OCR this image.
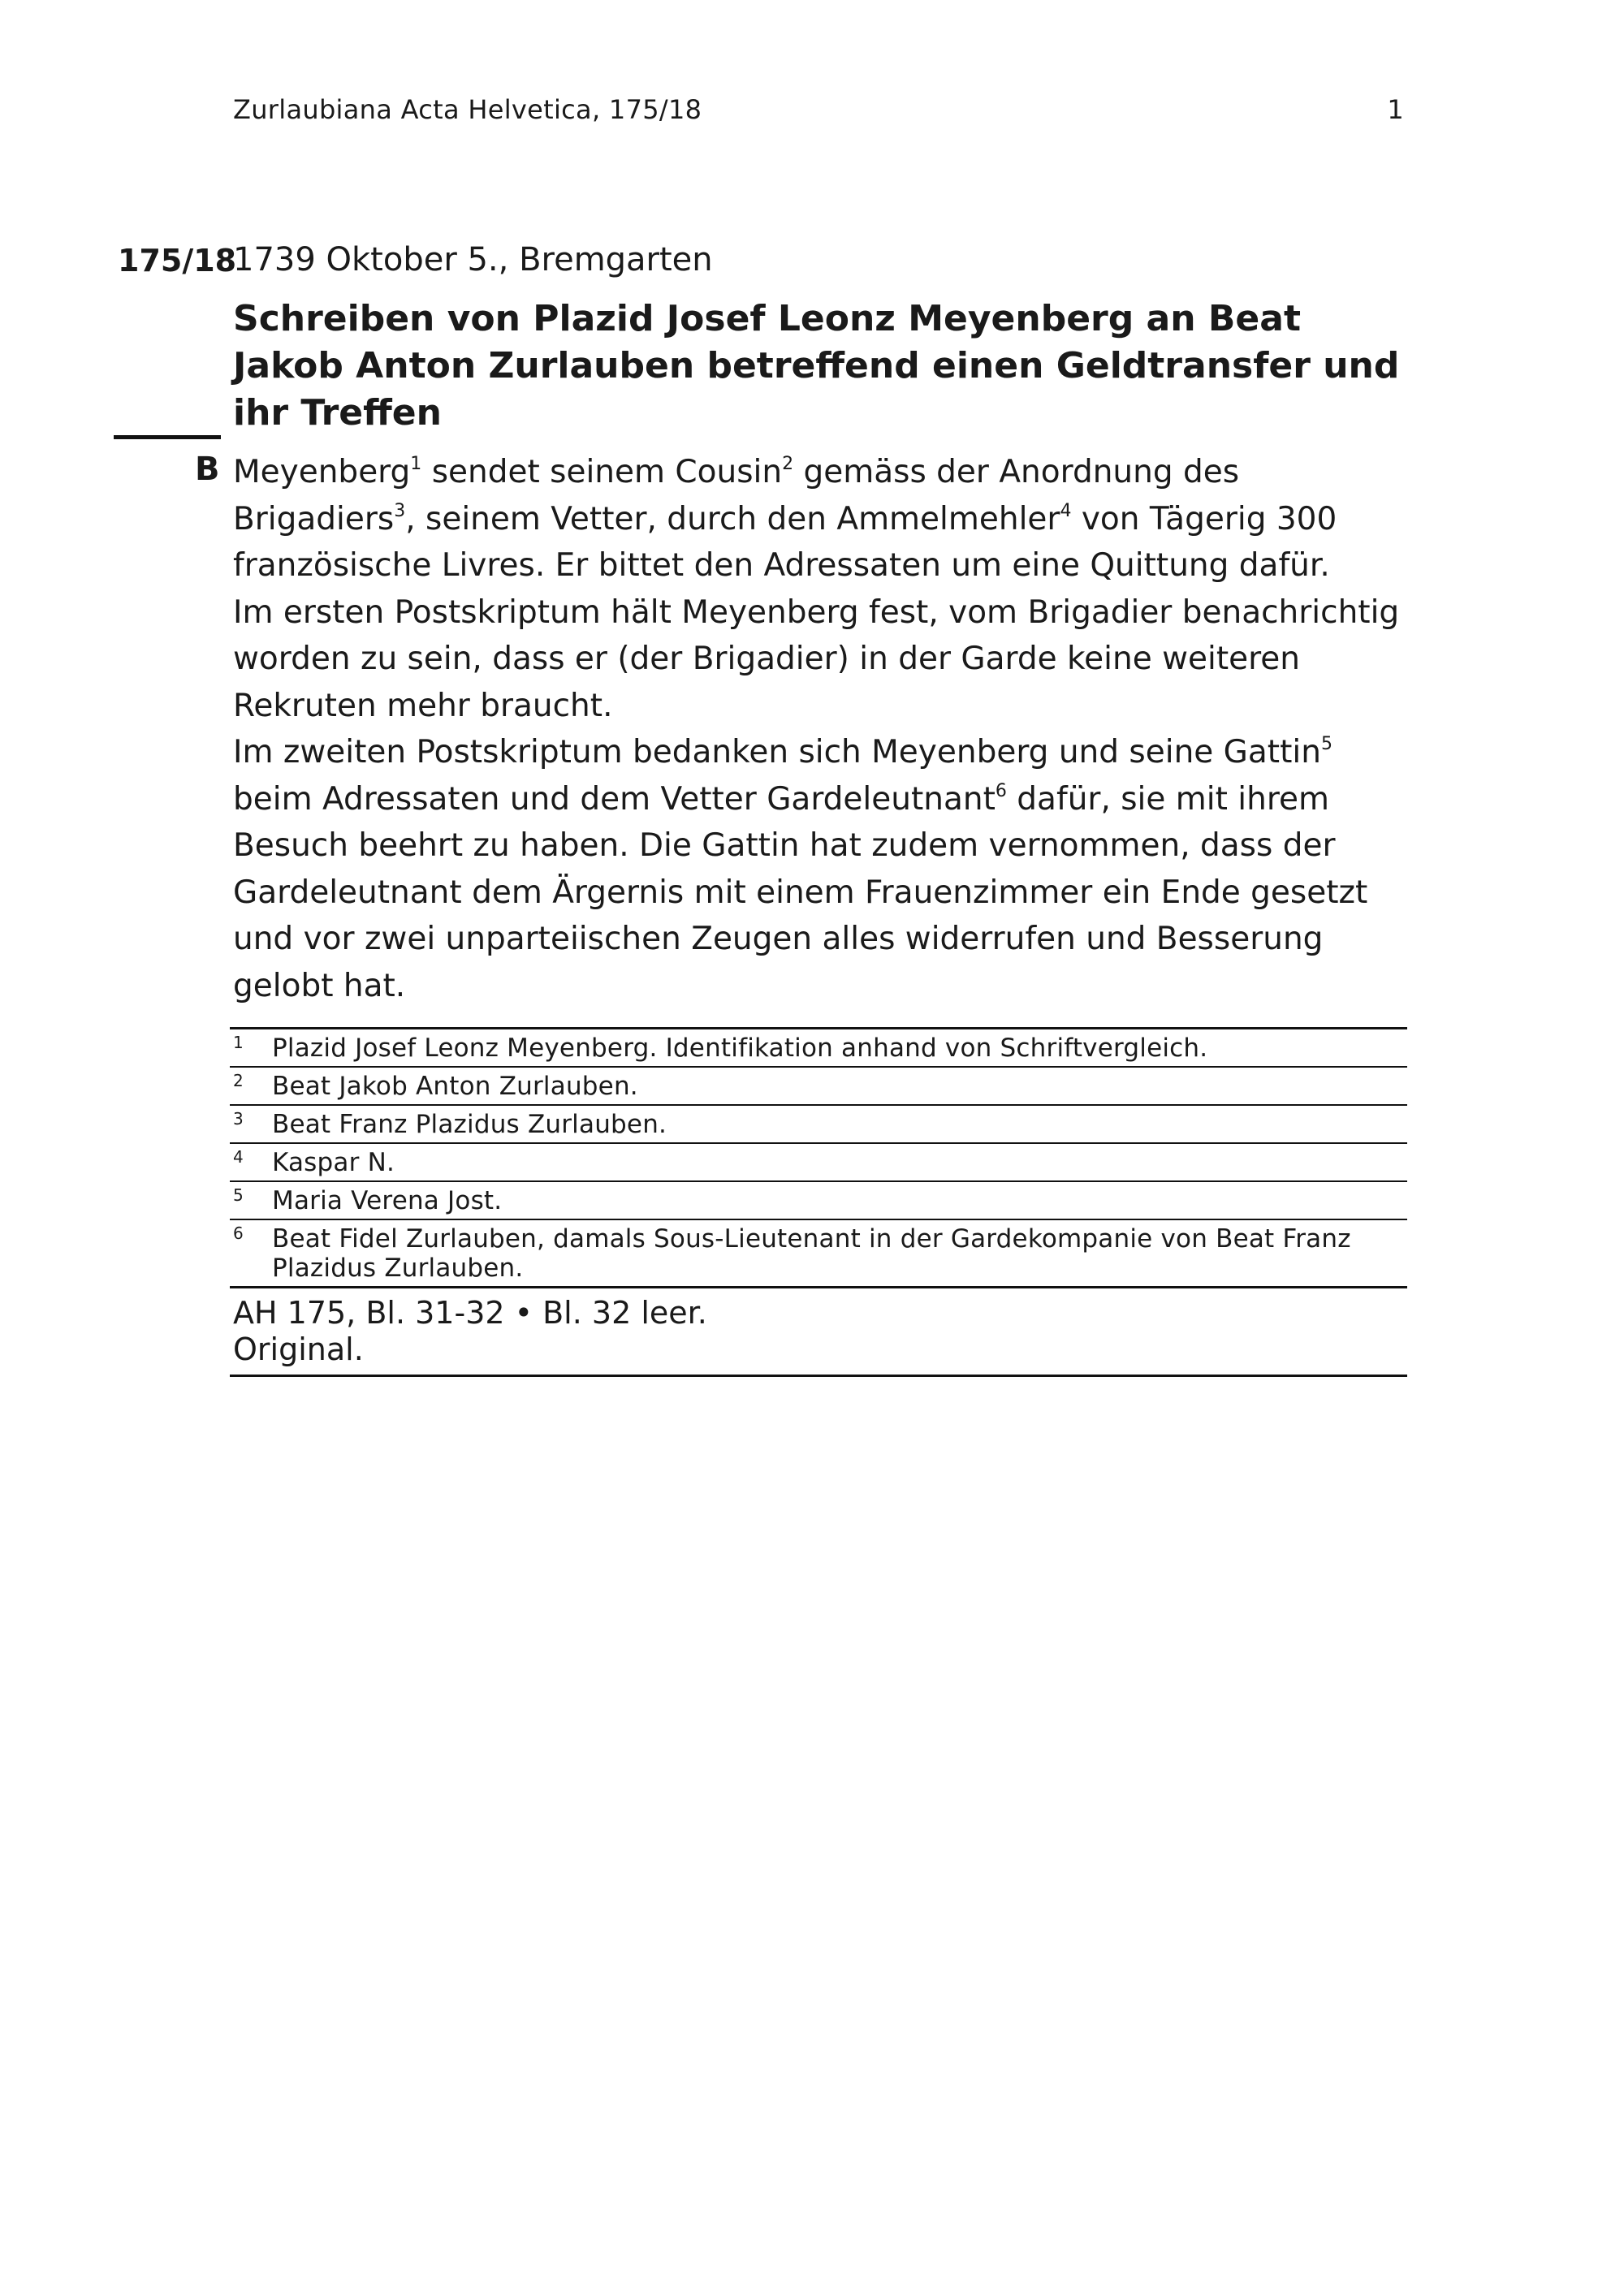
Zurlaubiana Acta Helvetica, 175/18	1
175/18
1739 Oktober 5., Bremgarten
Schreiben von Plazid Josef Leonz Meyenberg an Beat Jakob Anton Zurlauben betreffend einen Geldtransfer und ihr Treffen
B Meyenberg$^1$ sendet seinem Cousin$^2$ gemäss der Anordnung des Brigadiers$^3$, seinem Vetter, durch den Ammelmehler$^4$ von Tägerig 300 französische Livres. Er bittet den Adressaten um eine Quittung dafür.

Im ersten Postskriptum hält Meyenberg fest, vom Brigadier benachrichtig worden zu sein, dass er (der Brigadier) in der Garde keine weiteren Rekruten mehr braucht.

Im zweiten Postskriptum bedanken sich Meyenberg und seine Gattin$^5$ beim Adressaten und dem Vetter Gardeleutnant$^6$ dafür, sie mit ihrem Besuch beehrt zu haben. Die Gattin hat zudem vernommen, dass der Gardeleutnant dem Ärgernis mit einem Frauenzimmer ein Ende gesetzt und vor zwei unparteiischen Zeugen alles widerrufen und Besserung gelobt hat.

1	Plazid Josef Leonz Meyenberg. Identifikation anhand von Schriftvergleich.
2	Beat Jakob Anton Zurlauben.
3	Beat Franz Plazidus Zurlauben.
4	Kaspar N.
5	Maria Verena Jost.
6	Beat Fidel Zurlauben, damals Sous-Lieutenant in der Gardekompanie von Beat Franz Plazidus Zurlauben.
AH 175, Bl. 31-32 • Bl. 32 leer.
Original.
